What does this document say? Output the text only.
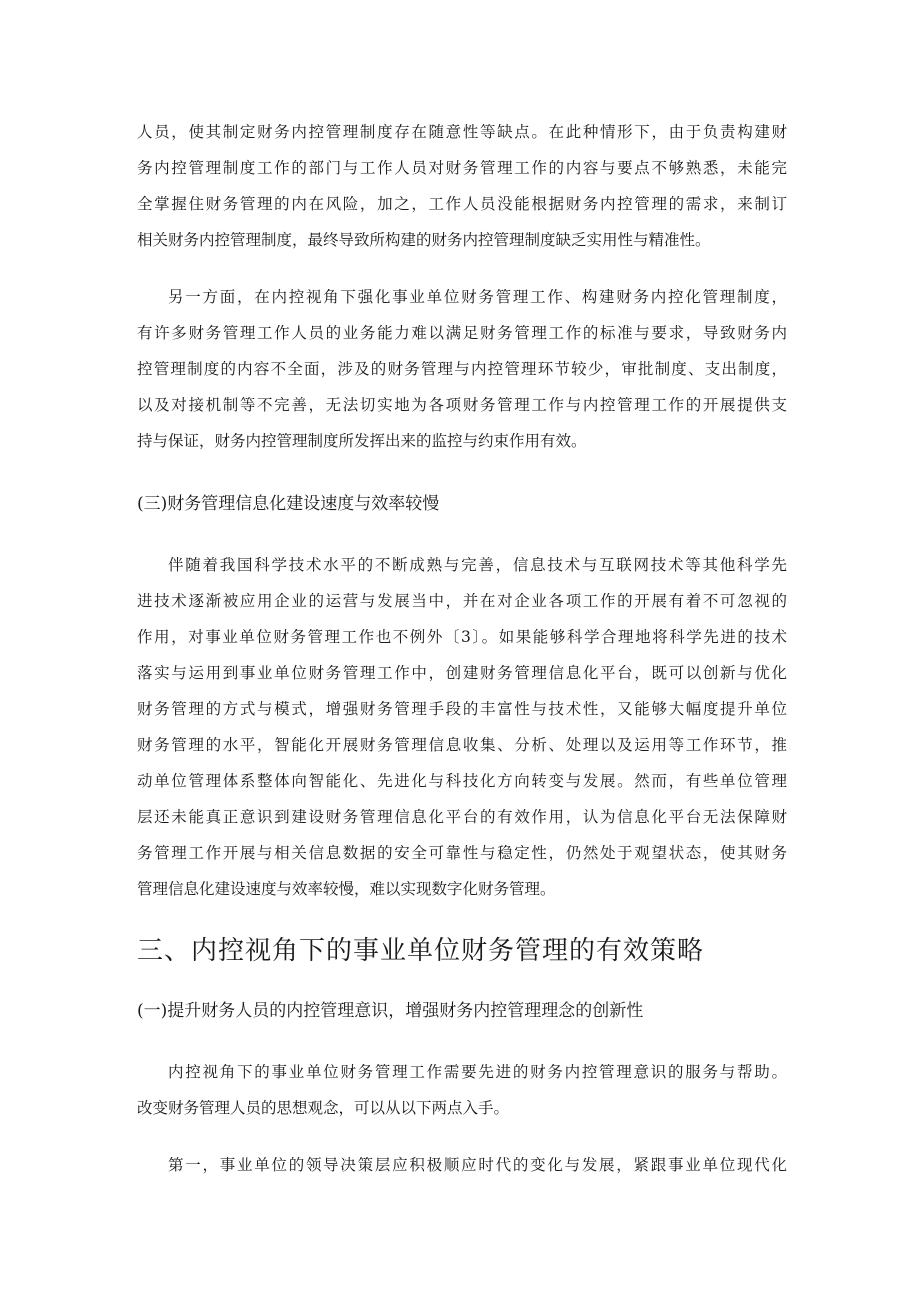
人员，使其制定财务内控管理制度存在随意性等缺点。在此种情形下，由于负责构建财

务内控管理制度工作的部门与工作人员对财务管理工作的内容与要点不够熟悉，未能完

全掌握住财务管理的内在风险，加之，工作人员没能根据财务内控管理的需求，来制订

相关财务内控管理制度，最终导致所构建的财务内控管理制度缺乏实用性与精准性。

另一方面，在内控视角下强化事业单位财务管理工作、构建财务内控化管理制度，

有许多财务管理工作人员的业务能力难以满足财务管理工作的标准与要求，导致财务内

控管理制度的内容不全面，涉及的财务管理与内控管理环节较少，审批制度、支出制度，

以及对接机制等不完善，无法切实地为各项财务管理工作与内控管理工作的开展提供支

持与保证，财务内控管理制度所发挥出来的监控与约束作用有效。

(三)财务管理信息化建设速度与效率较慢

伴随着我国科学技术水平的不断成熟与完善，信息技术与互联网技术等其他科学先

进技术逐渐被应用企业的运营与发展当中，并在对企业各项工作的开展有着不可忽视的

作用，对事业单位财务管理工作也不例外〔3〕。如果能够科学合理地将科学先进的技术

落实与运用到事业单位财务管理工作中，创建财务管理信息化平台，既可以创新与优化

财务管理的方式与模式，增强财务管理手段的丰富性与技术性，又能够大幅度提升单位

财务管理的水平，智能化开展财务管理信息收集、分析、处理以及运用等工作环节，推

动单位管理体系整体向智能化、先进化与科技化方向转变与发展。然而，有些单位管理

层还未能真正意识到建设财务管理信息化平台的有效作用，认为信息化平台无法保障财

务管理工作开展与相关信息数据的安全可靠性与稳定性，仍然处于观望状态，使其财务

管理信息化建设速度与效率较慢，难以实现数字化财务管理。

三、内控视角下的事业单位财务管理的有效策略
(一)提升财务人员的内控管理意识，增强财务内控管理理念的创新性

内控视角下的事业单位财务管理工作需要先进的财务内控管理意识的服务与帮助。

改变财务管理人员的思想观念，可以从以下两点入手。

第一，事业单位的领导决策层应积极顺应时代的变化与发展，紧跟事业单位现代化
